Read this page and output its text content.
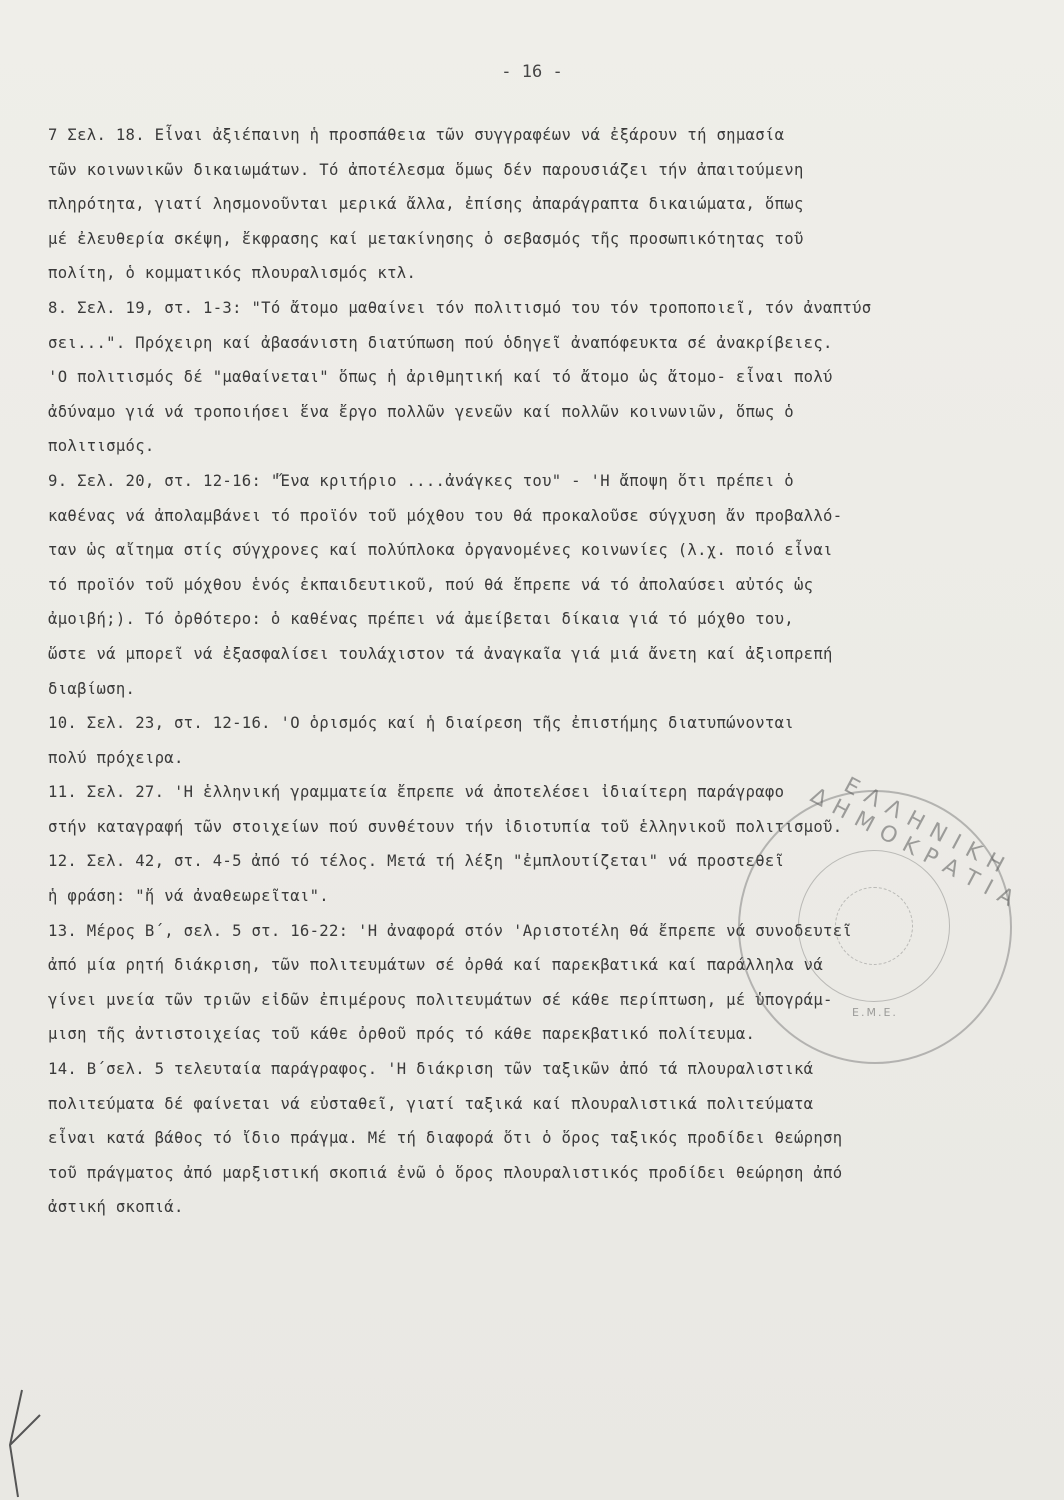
- 16 -
7 Σελ. 18. Εἶναι ἀξιέπαινη ἡ προσπάθεια τῶν συγγραφέων νά ἐξάρουν τή σημασία
τῶν κοινωνικῶν δικαιωμάτων. Τό ἀποτέλεσμα ὅμως δέν παρουσιάζει τήν ἀπαιτούμενη
πληρότητα, γιατί λησμονοῦνται μερικά ἄλλα, ἐπίσης ἀπαράγραπτα δικαιώματα, ὅπως
μέ ἐλευθερία σκέψη, ἔκφρασης καί μετακίνησης ὁ σεβασμός τῆς προσωπικότητας τοῦ
πολίτη, ὁ κομματικός πλουραλισμός κτλ.
8. Σελ. 19, στ. 1-3: "Τό ἄτομο μαθαίνει τόν πολιτισμό του τόν τροποποιεῖ, τόν ἀναπτύσ
σει...". Πρόχειρη καί ἀβασάνιστη διατύπωση πού ὁδηγεῖ ἀναπόφευκτα σέ ἀνακρίβειες.
'Ο πολιτισμός δέ "μαθαίνεται" ὅπως ἡ ἀριθμητική καί τό ἄτομο ὡς ἄτομο- εἶναι πολύ
ἀδύναμο γιά νά τροποιήσει ἕνα ἔργο πολλῶν γενεῶν καί πολλῶν κοινωνιῶν, ὅπως ὁ
πολιτισμός.
9. Σελ. 20, στ. 12-16: "Ἕνα κριτήριο ....ἀνάγκες του" - 'Η ἄποψη ὅτι πρέπει ὁ
καθένας νά ἀπολαμβάνει τό προϊόν τοῦ μόχθου του θά προκαλοῦσε σύγχυση ἄν προβαλλό-
ταν ὡς αἴτημα στίς σύγχρονες καί πολύπλοκα ὀργανομένες κοινωνίες (λ.χ. ποιό εἶναι
τό προϊόν τοῦ μόχθου ἑνός ἐκπαιδευτικοῦ, πού θά ἔπρεπε νά τό ἀπολαύσει αὐτός ὡς
ἀμοιβή;). Τό ὀρθότερο: ὁ καθένας πρέπει νά ἀμείβεται δίκαια γιά τό μόχθο του,
ὥστε νά μπορεῖ νά ἐξασφαλίσει τουλάχιστον τά ἀναγκαῖα γιά μιά ἄνετη καί ἀξιοπρεπή
διαβίωση.
10. Σελ. 23, στ. 12-16. 'Ο ὁρισμός καί ἡ διαίρεση τῆς ἐπιστήμης διατυπώνονται
πολύ πρόχειρα.
11. Σελ. 27. 'Η ἑλληνική γραμματεία ἔπρεπε νά ἀποτελέσει ἰδιαίτερη παράγραφο
στήν καταγραφή τῶν στοιχείων πού συνθέτουν τήν ἰδιοτυπία τοῦ ἑλληνικοῦ πολιτισμοῦ.
12. Σελ. 42, στ. 4-5 ἀπό τό τέλος. Μετά τή λέξη "ἐμπλουτίζεται" νά προστεθεῖ
ἡ φράση: "ἤ νά ἀναθεωρεῖται".
13. Μέρος Β΄, σελ. 5 στ. 16-22: 'Η ἀναφορά στόν 'Αριστοτέλη θά ἔπρεπε νά συνοδευτεῖ
ἀπό μία ρητή διάκριση, τῶν πολιτευμάτων σέ ὀρθά καί παρεκβατικά καί παράλληλα νά
γίνει μνεία τῶν τριῶν εἰδῶν ἐπιμέρους πολιτευμάτων σέ κάθε περίπτωση, μέ ὑπογράμ-
μιση τῆς ἀντιστοιχείας τοῦ κάθε ὀρθοῦ πρός τό κάθε παρεκβατικό πολίτευμα.
14. Β΄σελ. 5 τελευταία παράγραφος. 'Η διάκριση τῶν ταξικῶν ἀπό τά πλουραλιστικά
πολιτεύματα δέ φαίνεται νά εὐσταθεῖ, γιατί ταξικά καί πλουραλιστικά πολιτεύματα
εἶναι κατά βάθος τό ἴδιο πράγμα. Μέ τή διαφορά ὅτι ὁ ὅρος ταξικός προδίδει θεώρηση
τοῦ πράγματος ἀπό μαρξιστική σκοπιά ἐνῶ ὁ ὅρος πλουραλιστικός προδίδει θεώρηση ἀπό
ἀστική σκοπιά.
ΕΛΛΗΝΙΚΗ ΔΗΜΟΚΡΑΤΙΑ
Ε.Μ.Ε.
